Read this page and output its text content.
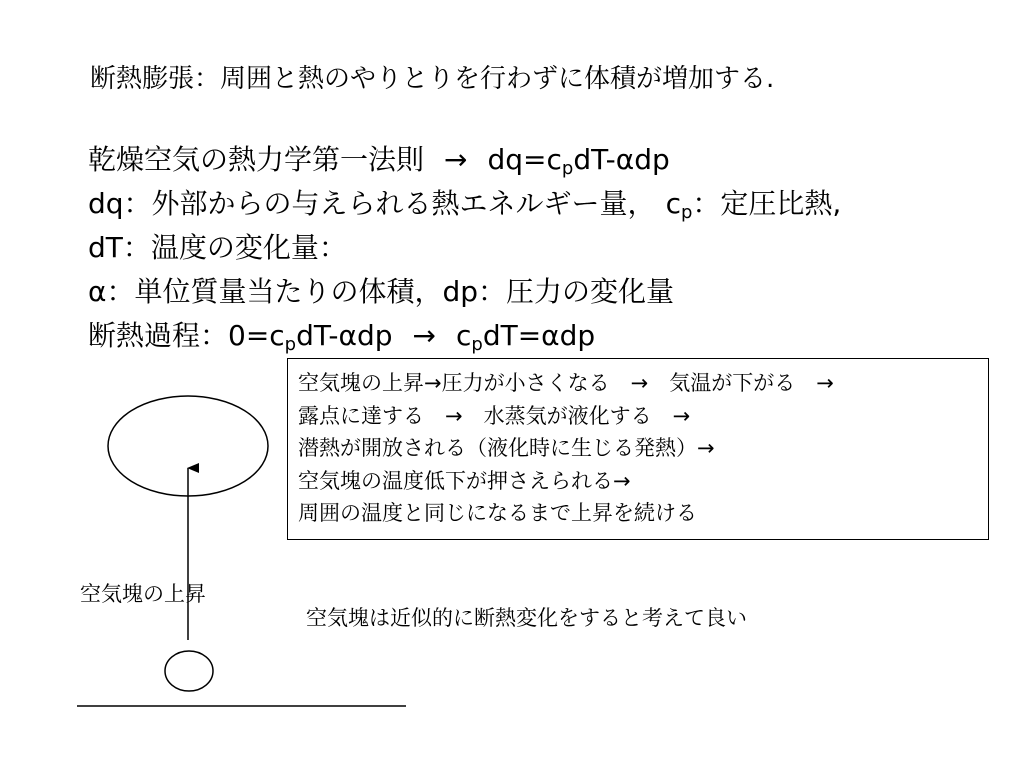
断熱膨張：周囲と熱のやりとりを行わずに体積が増加する.
乾燥空気の熱力学第一法則 → $dq=c_pdT$-αdp
dq：外部からの与えられる熱エネルギー量， $c_p$：定圧比熱,
dT：温度の変化量：
α：単位質量当たりの体積，dp：圧力の変化量
断熱過程：$0=c_pdT$-αdp → $c_pdT=\alpha dp$
空気塊の上昇→圧力が小さくなる　→　気温が下がる　→
露点に達する　→　水蒸気が液化する　→
潜熱が開放される（液化時に生じる発熱）→
空気塊の温度低下が押さえられる→
周囲の温度と同じになるまで上昇を続ける
空気塊の上昇
空気塊は近似的に断熱変化をすると考えて良い
